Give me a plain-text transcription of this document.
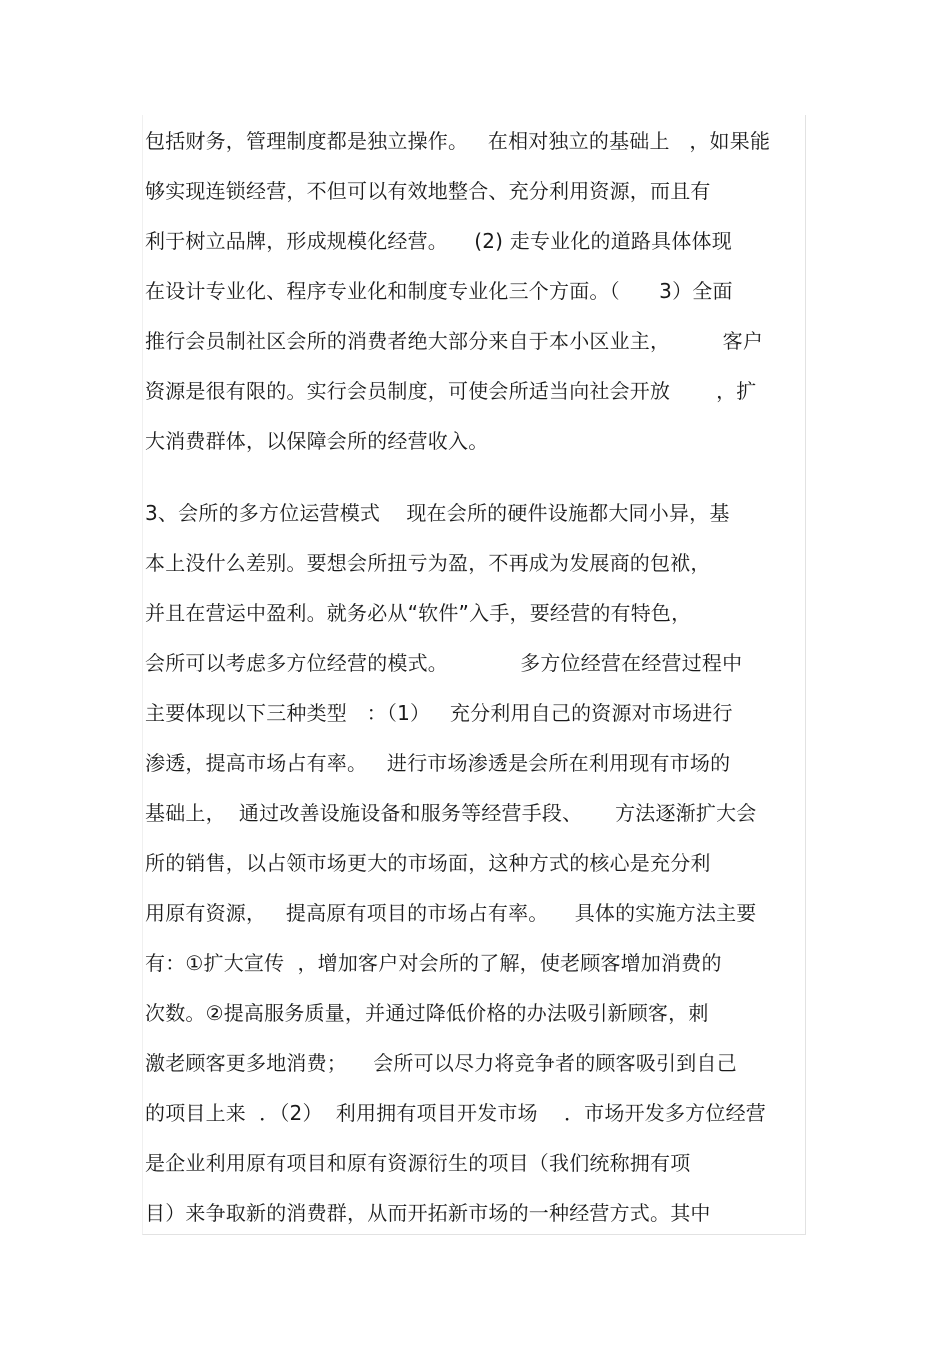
包括财务，管理制度都是独立操作。   在相对独立的基础上   ，如果能
够实现连锁经营，不但可以有效地整合、充分利用资源，而且有
利于树立品牌，形成规模化经营。    (2) 走专业化的道路具体体现
在设计专业化、程序专业化和制度专业化三个方面。（      3）全面
推行会员制社区会所的消费者绝大部分来自于本小区业主，        客户
资源是很有限的。实行会员制度，可使会所适当向社会开放       ，扩
大消费群体，以保障会所的经营收入。
3、会所的多方位运营模式    现在会所的硬件设施都大同小异，基
本上没什么差别。要想会所扭亏为盈，不再成为发展商的包袱，
并且在营运中盈利。就务必从“软件”入手，要经营的有特色，
会所可以考虑多方位经营的模式。           多方位经营在经营过程中
主要体现以下三种类型   ：（1）   充分利用自己的资源对市场进行
渗透，提高市场占有率。   进行市场渗透是会所在利用现有市场的
基础上，  通过改善设施设备和服务等经营手段、     方法逐渐扩大会
所的销售，以占领市场更大的市场面，这种方式的核心是充分利
用原有资源，   提高原有项目的市场占有率。    具体的实施方法主要
有：①扩大宣传  ，增加客户对会所的了解，使老顾客增加消费的
次数。②提高服务质量，并通过降低价格的办法吸引新顾客，刺
激老顾客更多地消费；    会所可以尽力将竞争者的顾客吸引到自己
的项目上来  ．（2）  利用拥有项目开发市场    ．市场开发多方位经营
是企业利用原有项目和原有资源衍生的项目（我们统称拥有项
目）来争取新的消费群，从而开拓新市场的一种经营方式。其中
